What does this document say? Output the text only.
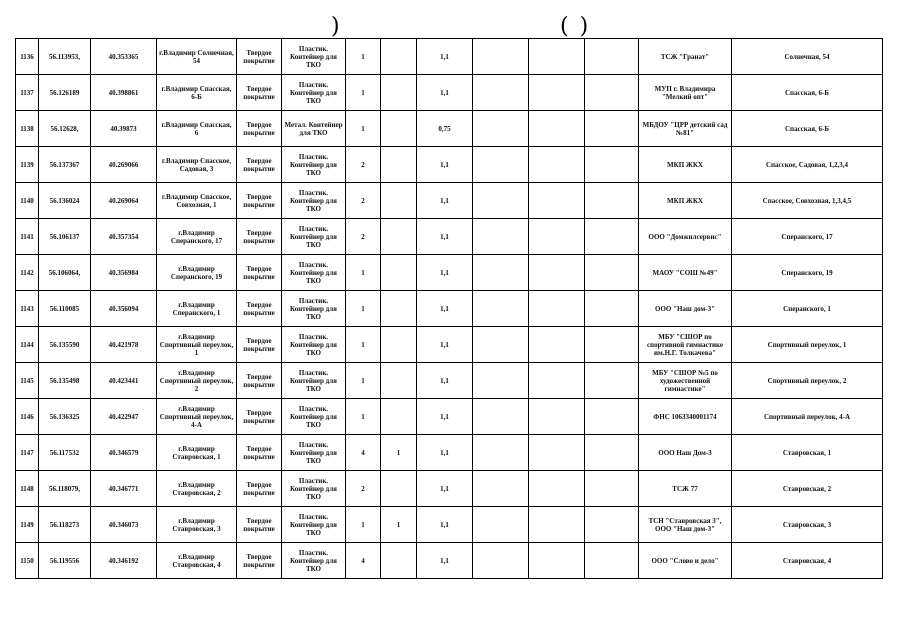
)	( )
1136	56.113953,	40.353365	г.Владимир Солнечная, 54	Твердое покрытие	Пластик. Контейнер для ТКО	1		1,1				ТСЖ "Гранат"	Солнечная, 54
1137	56.126189	40.398861	г.Владимир Спасская, 6-Б	Твердое покрытие	Пластик. Контейнер для ТКО	1		1,1				МУП г. Владимира "Мелкий опт"	Спасская, 6-Б
1138	56.12628,	40.39873	г.Владимир Спасская, 6	Твердое покрытие	Метал. Контейнер для ТКО	1		0,75				МБДОУ "ЦРР детский сад №81"	Спасская, 6-Б
1139	56.137367	40.269066	г.Владимир Спасское, Садовая, 3	Твердое покрытие	Пластик. Контейнер для ТКО	2		1,1				МКП ЖКХ	Спасское, Садовая, 1,2,3,4
1140	56.136024	40.269064	г.Владимир Спасское, Совхозная, 1	Твердое покрытие	Пластик. Контейнер для ТКО	2		1,1				МКП ЖКХ	Спасское, Совхозная, 1,3,4,5
1141	56.106137	40.357354	г.Владимир Сперанского, 17	Твердое покрытие	Пластик. Контейнер для ТКО	2		1,1				ООО "Домжилсервис"	Сперанского, 17
1142	56.106064,	40.356984	г.Владимир Сперанского, 19	Твердое покрытие	Пластик. Контейнер для ТКО	1		1,1				МАОУ "СОШ №49"	Сперанского, 19
1143	56.110085	40.356094	г.Владимир Сперанского, 1	Твердое покрытие	Пластик. Контейнер для ТКО	1		1,1				ООО "Наш дом-3"	Сперанского, 1
1144	56.135590	40.421978	г.Владимир Спортивный переулок, 1	Твердое покрытие	Пластик. Контейнер для ТКО	1		1,1				МБУ "СШОР по спортивной гимнастике им.Н.Г. Толкачева"	Спортивный переулок, 1
1145	56.135498	40.423441	г.Владимир Спортивный переулок, 2	Твердое покрытие	Пластик. Контейнер для ТКО	1		1,1				МБУ "СШОР №5 по художественной гимнастике"	Спортивный переулок, 2
1146	56.136325	40.422947	г.Владимир Спортивный переулок, 4-А	Твердое покрытие	Пластик. Контейнер для ТКО	1		1,1				ФНС 1063340001174	Спортивный переулок, 4-А
1147	56.117532	40.346579	г.Владимир Ставровская, 1	Твердое покрытие	Пластик. Контейнер для ТКО	4	1	1,1				ООО Наш Дом-3	Ставровская, 1
1148	56.118079,	40.346771	г.Владимир Ставровская, 2	Твердое покрытие	Пластик. Контейнер для ТКО	2		1,1				ТСЖ 77	Ставровская, 2
1149	56.118273	40.346073	г.Владимир Ставровская, 3	Твердое покрытие	Пластик. Контейнер для ТКО	1	1	1,1				ТСН "Ставровская 3", ООО "Наш дом-3"	Ставровская, 3
1150	56.119556	40.346192	г.Владимир Ставровская, 4	Твердое покрытие	Пластик. Контейнер для ТКО	4		1,1				ООО "Слово и дело"	Ставровская, 4
